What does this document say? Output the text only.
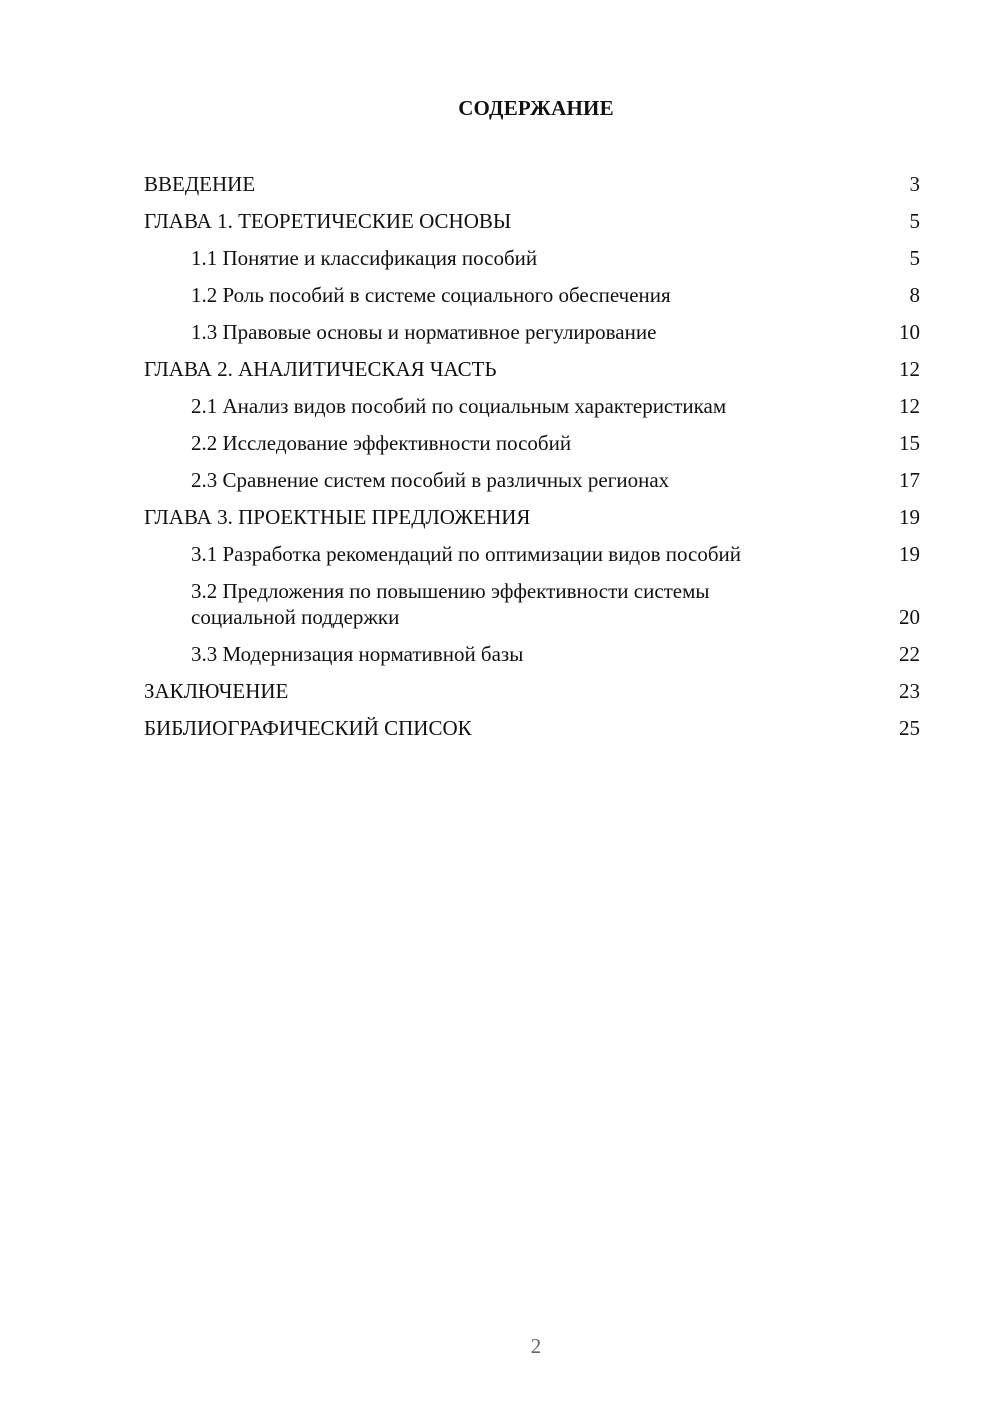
СОДЕРЖАНИЕ
ВВЕДЕНИЕ	3
ГЛАВА 1. ТЕОРЕТИЧЕСКИЕ ОСНОВЫ	5
1.1 Понятие и классификация пособий	5
1.2 Роль пособий в системе социального обеспечения	8
1.3 Правовые основы и нормативное регулирование	10
ГЛАВА 2. АНАЛИТИЧЕСКАЯ ЧАСТЬ	12
2.1 Анализ видов пособий по социальным характеристикам	12
2.2 Исследование эффективности пособий	15
2.3 Сравнение систем пособий в различных регионах	17
ГЛАВА 3. ПРОЕКТНЫЕ ПРЕДЛОЖЕНИЯ	19
3.1 Разработка рекомендаций по оптимизации видов пособий	19
3.2 Предложения по повышению эффективности системы социальной поддержки	20
3.3 Модернизация нормативной базы	22
ЗАКЛЮЧЕНИЕ	23
БИБЛИОГРАФИЧЕСКИЙ СПИСОК	25
2
